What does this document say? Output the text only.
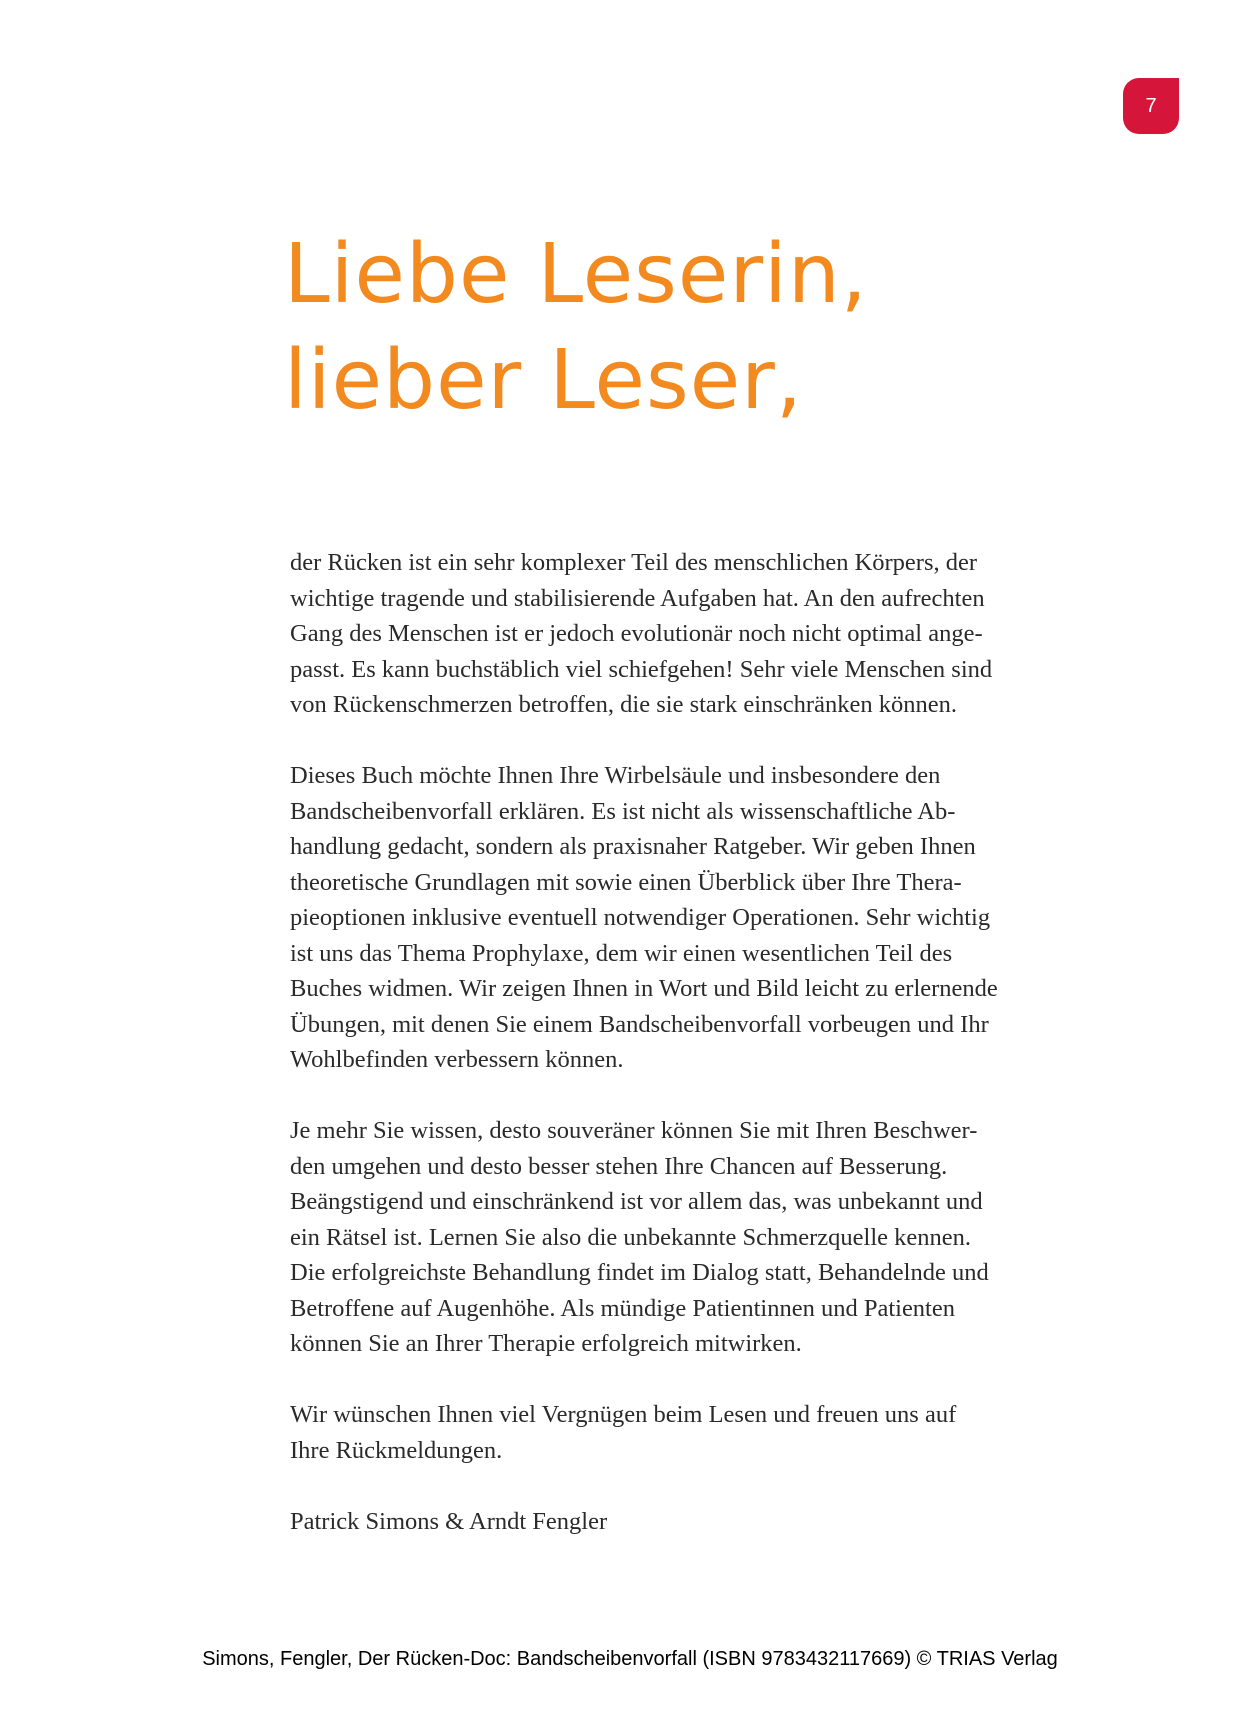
7
Liebe Leserin,
lieber Leser,

der Rücken ist ein sehr komplexer Teil des menschlichen Körpers, der
wichtige tragende und stabilisierende Aufgaben hat. An den aufrechten
Gang des Menschen ist er jedoch evolutionär noch nicht optimal ange-
passt. Es kann buchstäblich viel schiefgehen! Sehr viele Menschen sind
von Rückenschmerzen betroffen, die sie stark einschränken können.

Dieses Buch möchte Ihnen Ihre Wirbelsäule und insbesondere den
Bandscheibenvorfall erklären. Es ist nicht als wissenschaftliche Ab-
handlung gedacht, sondern als praxisnaher Ratgeber. Wir geben Ihnen
theoretische Grundlagen mit sowie einen Überblick über Ihre Thera-
pieoptionen inklusive eventuell notwendiger Operationen. Sehr wichtig
ist uns das Thema Prophylaxe, dem wir einen wesentlichen Teil des
Buches widmen. Wir zeigen Ihnen in Wort und Bild leicht zu erlernende
Übungen, mit denen Sie einem Bandscheibenvorfall vorbeugen und Ihr
Wohlbefinden verbessern können.

Je mehr Sie wissen, desto souveräner können Sie mit Ihren Beschwer-
den umgehen und desto besser stehen Ihre Chancen auf Besserung.
Beängstigend und einschränkend ist vor allem das, was unbekannt und
ein Rätsel ist. Lernen Sie also die unbekannte Schmerzquelle kennen.
Die erfolgreichste Behandlung findet im Dialog statt, Behandelnde und
Betroffene auf Augenhöhe. Als mündige Patientinnen und Patienten
können Sie an Ihrer Therapie erfolgreich mitwirken.

Wir wünschen Ihnen viel Vergnügen beim Lesen und freuen uns auf
Ihre Rückmeldungen.

Patrick Simons & Arndt Fengler

Simons, Fengler, Der Rücken-Doc: Bandscheibenvorfall (ISBN 9783432117669) © TRIAS Verlag
